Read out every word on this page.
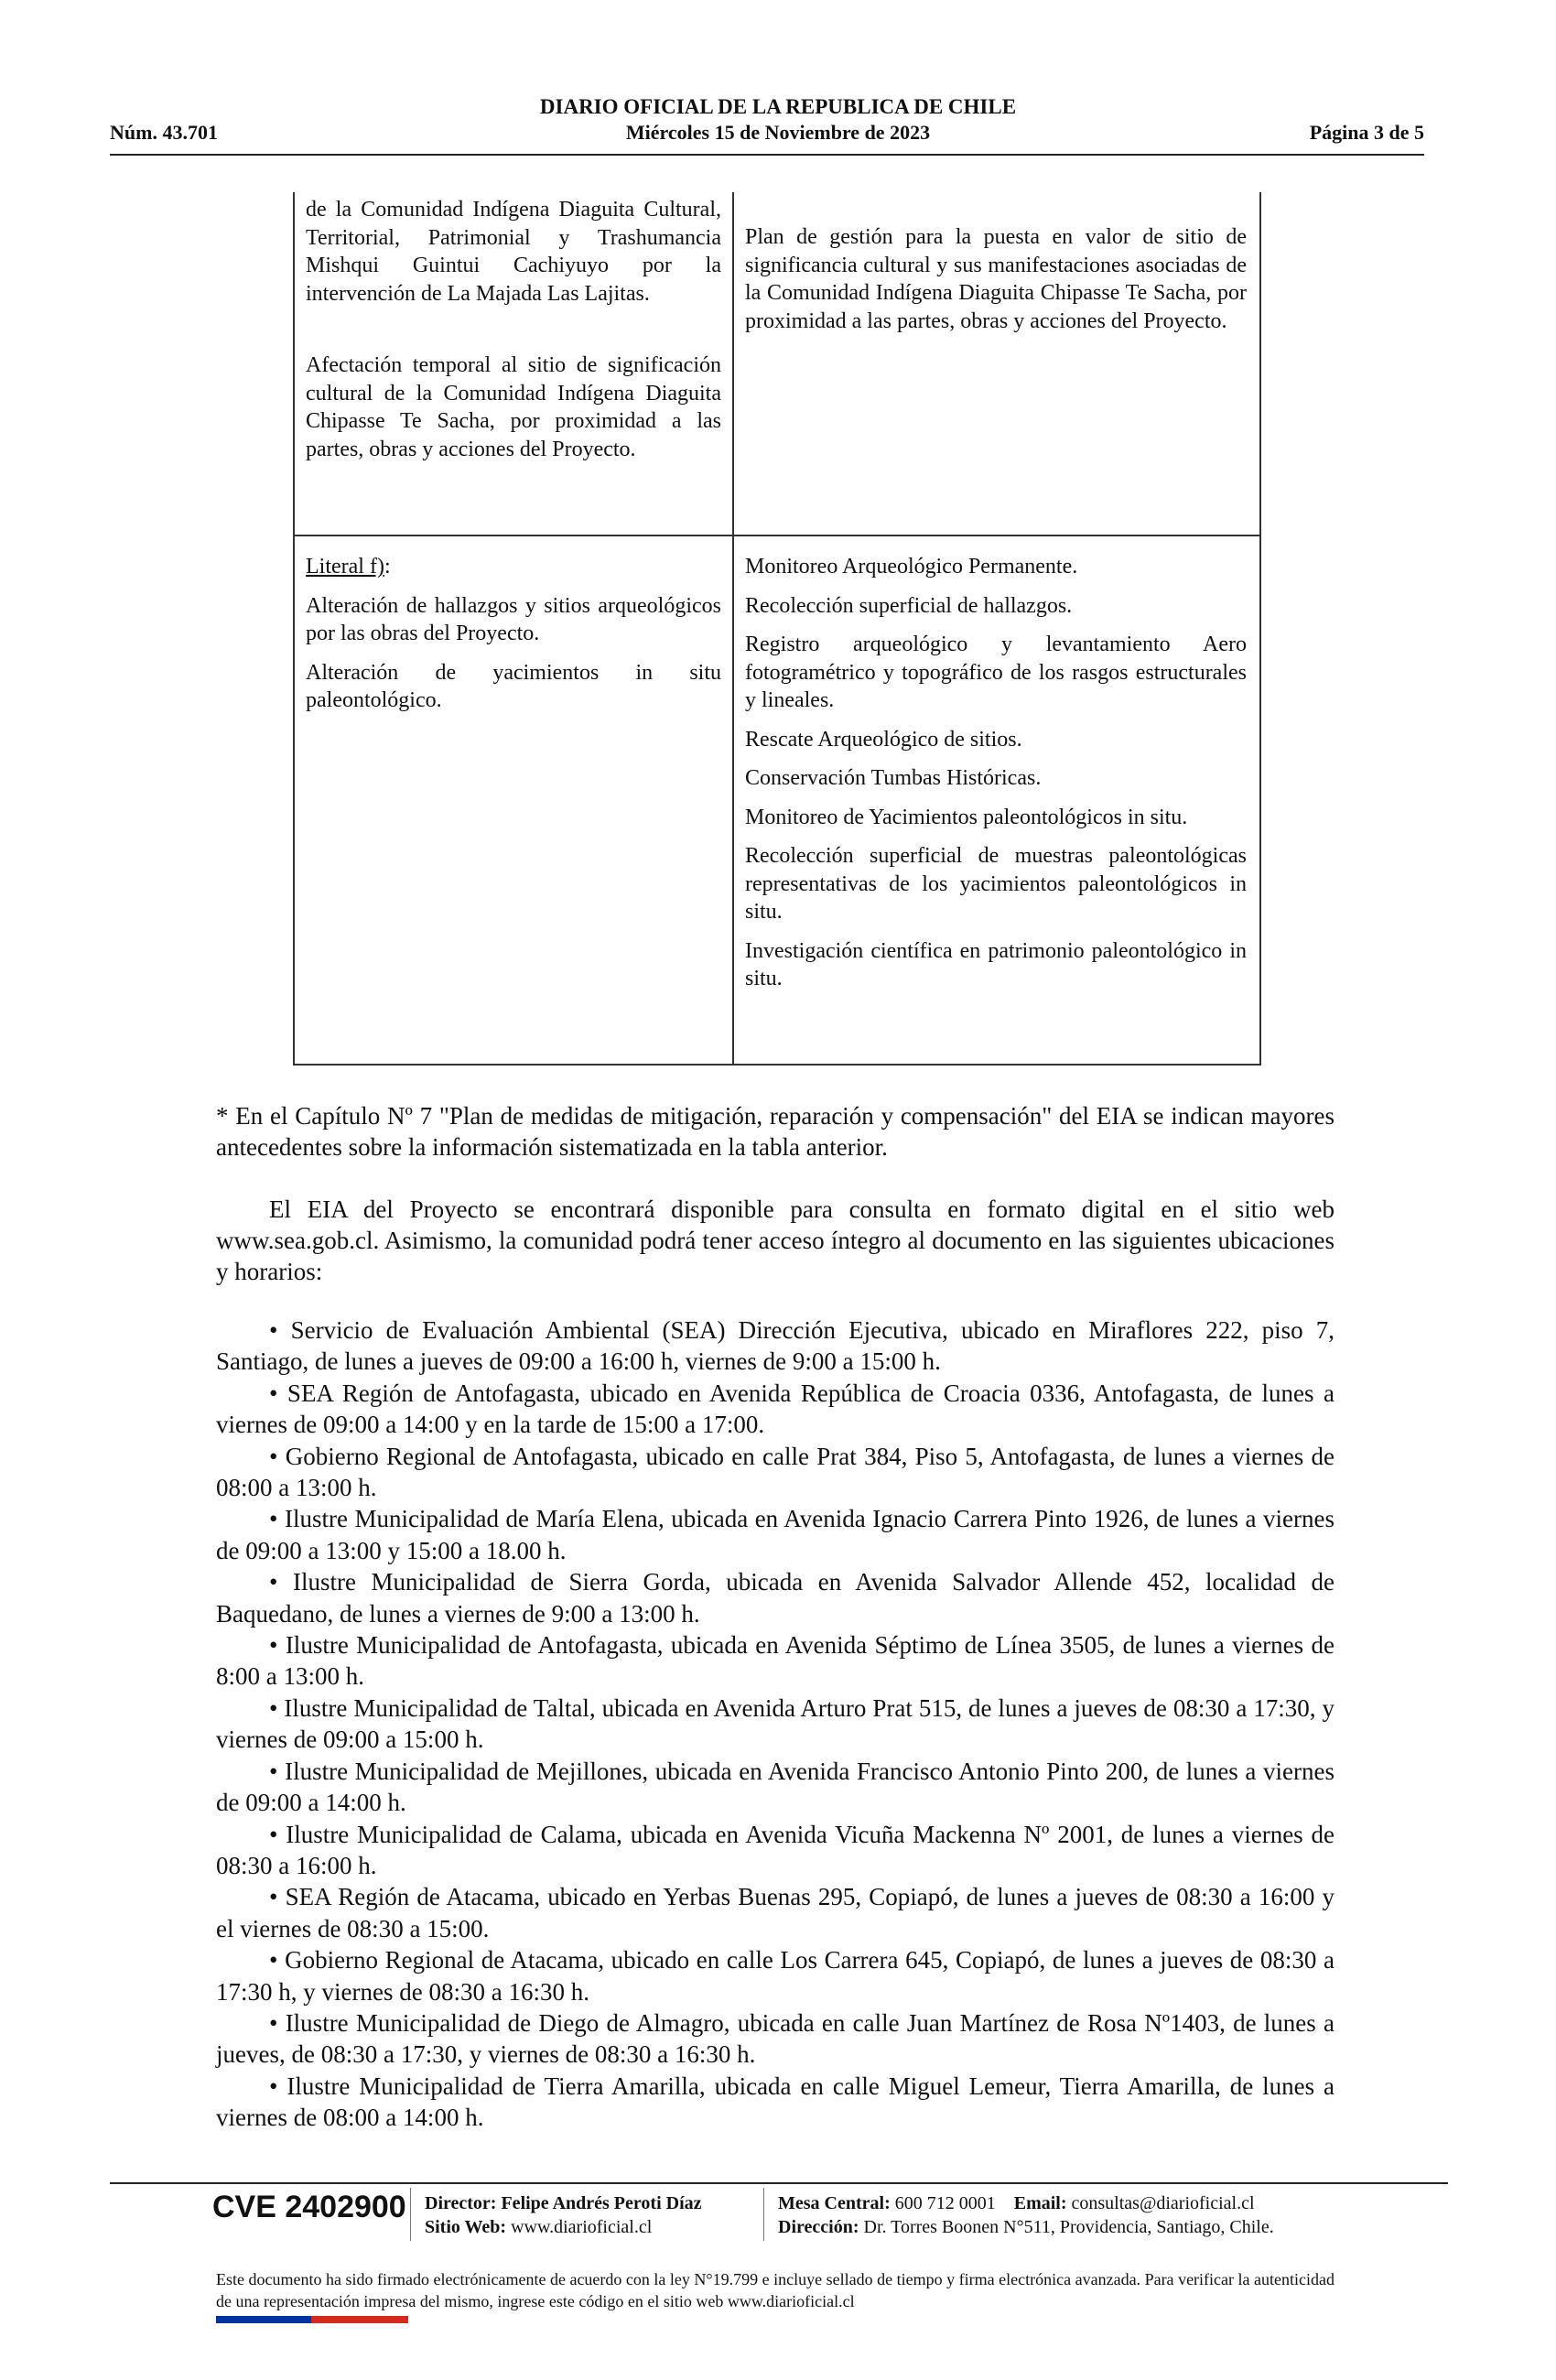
DIARIO OFICIAL DE LA REPUBLICA DE CHILE
Núm. 43.701	Miércoles 15 de Noviembre de 2023	Página 3 de 5

de la Comunidad Indígena Diaguita Cultural, Territorial, Patrimonial y Trashumancia Mishqui Guintui Cachiyuyo por la intervención de La Majada Las Lajitas.

Afectación temporal al sitio de significación cultural de la Comunidad Indígena Diaguita Chipasse Te Sacha, por proximidad a las partes, obras y acciones del Proyecto.

Plan de gestión para la puesta en valor de sitio de significancia cultural y sus manifestaciones asociadas de la Comunidad Indígena Diaguita Chipasse Te Sacha, por proximidad a las partes, obras y acciones del Proyecto.

Literal f):

Alteración de hallazgos y sitios arqueológicos por las obras del Proyecto.

Alteración de yacimientos in situ paleontológico.

Monitoreo Arqueológico Permanente.

Recolección superficial de hallazgos.

Registro arqueológico y levantamiento Aero fotogramétrico y topográfico de los rasgos estructurales y lineales.

Rescate Arqueológico de sitios.

Conservación Tumbas Históricas.

Monitoreo de Yacimientos paleontológicos in situ.

Recolección superficial de muestras paleontológicas representativas de los yacimientos paleontológicos in situ.

Investigación científica en patrimonio paleontológico in situ.

* En el Capítulo Nº 7 "Plan de medidas de mitigación, reparación y compensación" del EIA se indican mayores antecedentes sobre la información sistematizada en la tabla anterior.

El EIA del Proyecto se encontrará disponible para consulta en formato digital en el sitio web www.sea.gob.cl. Asimismo, la comunidad podrá tener acceso íntegro al documento en las siguientes ubicaciones y horarios:

• Servicio de Evaluación Ambiental (SEA) Dirección Ejecutiva, ubicado en Miraflores 222, piso 7, Santiago, de lunes a jueves de 09:00 a 16:00 h, viernes de 9:00 a 15:00 h.

• SEA Región de Antofagasta, ubicado en Avenida República de Croacia 0336, Antofagasta, de lunes a viernes de 09:00 a 14:00 y en la tarde de 15:00 a 17:00.

• Gobierno Regional de Antofagasta, ubicado en calle Prat 384, Piso 5, Antofagasta, de lunes a viernes de 08:00 a 13:00 h.

• Ilustre Municipalidad de María Elena, ubicada en Avenida Ignacio Carrera Pinto 1926, de lunes a viernes de 09:00 a 13:00 y 15:00 a 18.00 h.

• Ilustre Municipalidad de Sierra Gorda, ubicada en Avenida Salvador Allende 452, localidad de Baquedano, de lunes a viernes de 9:00 a 13:00 h.

• Ilustre Municipalidad de Antofagasta, ubicada en Avenida Séptimo de Línea 3505, de lunes a viernes de 8:00 a 13:00 h.

• Ilustre Municipalidad de Taltal, ubicada en Avenida Arturo Prat 515, de lunes a jueves de 08:30 a 17:30, y viernes de 09:00 a 15:00 h.

• Ilustre Municipalidad de Mejillones, ubicada en Avenida Francisco Antonio Pinto 200, de lunes a viernes de 09:00 a 14:00 h.

• Ilustre Municipalidad de Calama, ubicada en Avenida Vicuña Mackenna Nº 2001, de lunes a viernes de 08:30 a 16:00 h.

• SEA Región de Atacama, ubicado en Yerbas Buenas 295, Copiapó, de lunes a jueves de 08:30 a 16:00 y el viernes de 08:30 a 15:00.

• Gobierno Regional de Atacama, ubicado en calle Los Carrera 645, Copiapó, de lunes a jueves de 08:30 a 17:30 h, y viernes de 08:30 a 16:30 h.

• Ilustre Municipalidad de Diego de Almagro, ubicada en calle Juan Martínez de Rosa Nº1403, de lunes a jueves, de 08:30 a 17:30, y viernes de 08:30 a 16:30 h.

• Ilustre Municipalidad de Tierra Amarilla, ubicada en calle Miguel Lemeur, Tierra Amarilla, de lunes a viernes de 08:00 a 14:00 h.

CVE 2402900 Director: Felipe Andrés Peroti Díaz
Sitio Web: www.diarioficial.cl
Mesa Central: 600 712 0001 Email: consultas@diarioficial.cl
Dirección: Dr. Torres Boonen N°511, Providencia, Santiago, Chile.
Este documento ha sido firmado electrónicamente de acuerdo con la ley N°19.799 e incluye sellado de tiempo y firma electrónica avanzada. Para verificar la autenticidad de una representación impresa del mismo, ingrese este código en el sitio web www.diarioficial.cl
